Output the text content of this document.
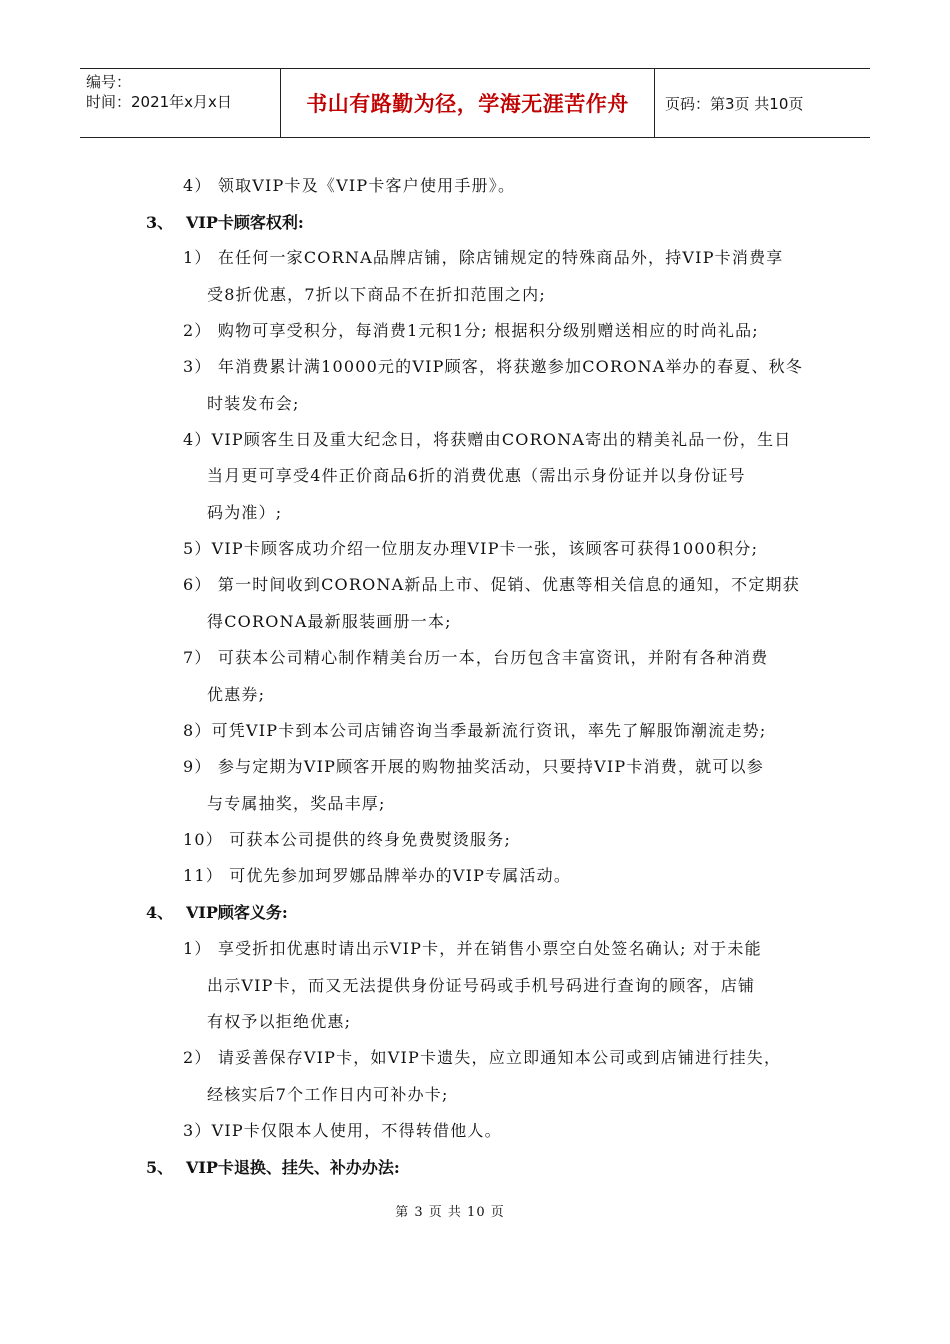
编号：
时间：2021年x月x日	书山有路勤为径，学海无涯苦作舟	页码：第3页 共10页
4） 领取VIP卡及《VIP卡客户使用手册》。
3、 VIP卡顾客权利:
1） 在任何一家CORNA品牌店铺，除店铺规定的特殊商品外，持VIP卡消费享
受8折优惠，7折以下商品不在折扣范围之内;
2） 购物可享受积分，每消费1元积1分; 根据积分级别赠送相应的时尚礼品;
3） 年消费累计满10000元的VIP顾客，将获邀参加CORONA举办的春夏、秋冬
时装发布会;
4）VIP顾客生日及重大纪念日，将获赠由CORONA寄出的精美礼品一份，生日
当月更可享受4件正价商品6折的消费优惠（需出示身份证并以身份证号
码为准）;
5）VIP卡顾客成功介绍一位朋友办理VIP卡一张，该顾客可获得1000积分;
6） 第一时间收到CORONA新品上市、促销、优惠等相关信息的通知，不定期获
得CORONA最新服装画册一本;
7） 可获本公司精心制作精美台历一本，台历包含丰富资讯，并附有各种消费
优惠券;
8）可凭VIP卡到本公司店铺咨询当季最新流行资讯，率先了解服饰潮流走势;
9） 参与定期为VIP顾客开展的购物抽奖活动，只要持VIP卡消费，就可以参
与专属抽奖，奖品丰厚;
10） 可获本公司提供的终身免费熨烫服务;
11） 可优先参加珂罗娜品牌举办的VIP专属活动。
4、 VIP顾客义务:
1） 享受折扣优惠时请出示VIP卡，并在销售小票空白处签名确认; 对于未能
出示VIP卡，而又无法提供身份证号码或手机号码进行查询的顾客，店铺
有权予以拒绝优惠;
2） 请妥善保存VIP卡，如VIP卡遗失，应立即通知本公司或到店铺进行挂失，
经核实后7个工作日内可补办卡;
3）VIP卡仅限本人使用，不得转借他人。
5、 VIP卡退换、挂失、补办办法:
第 3 页 共 10 页
